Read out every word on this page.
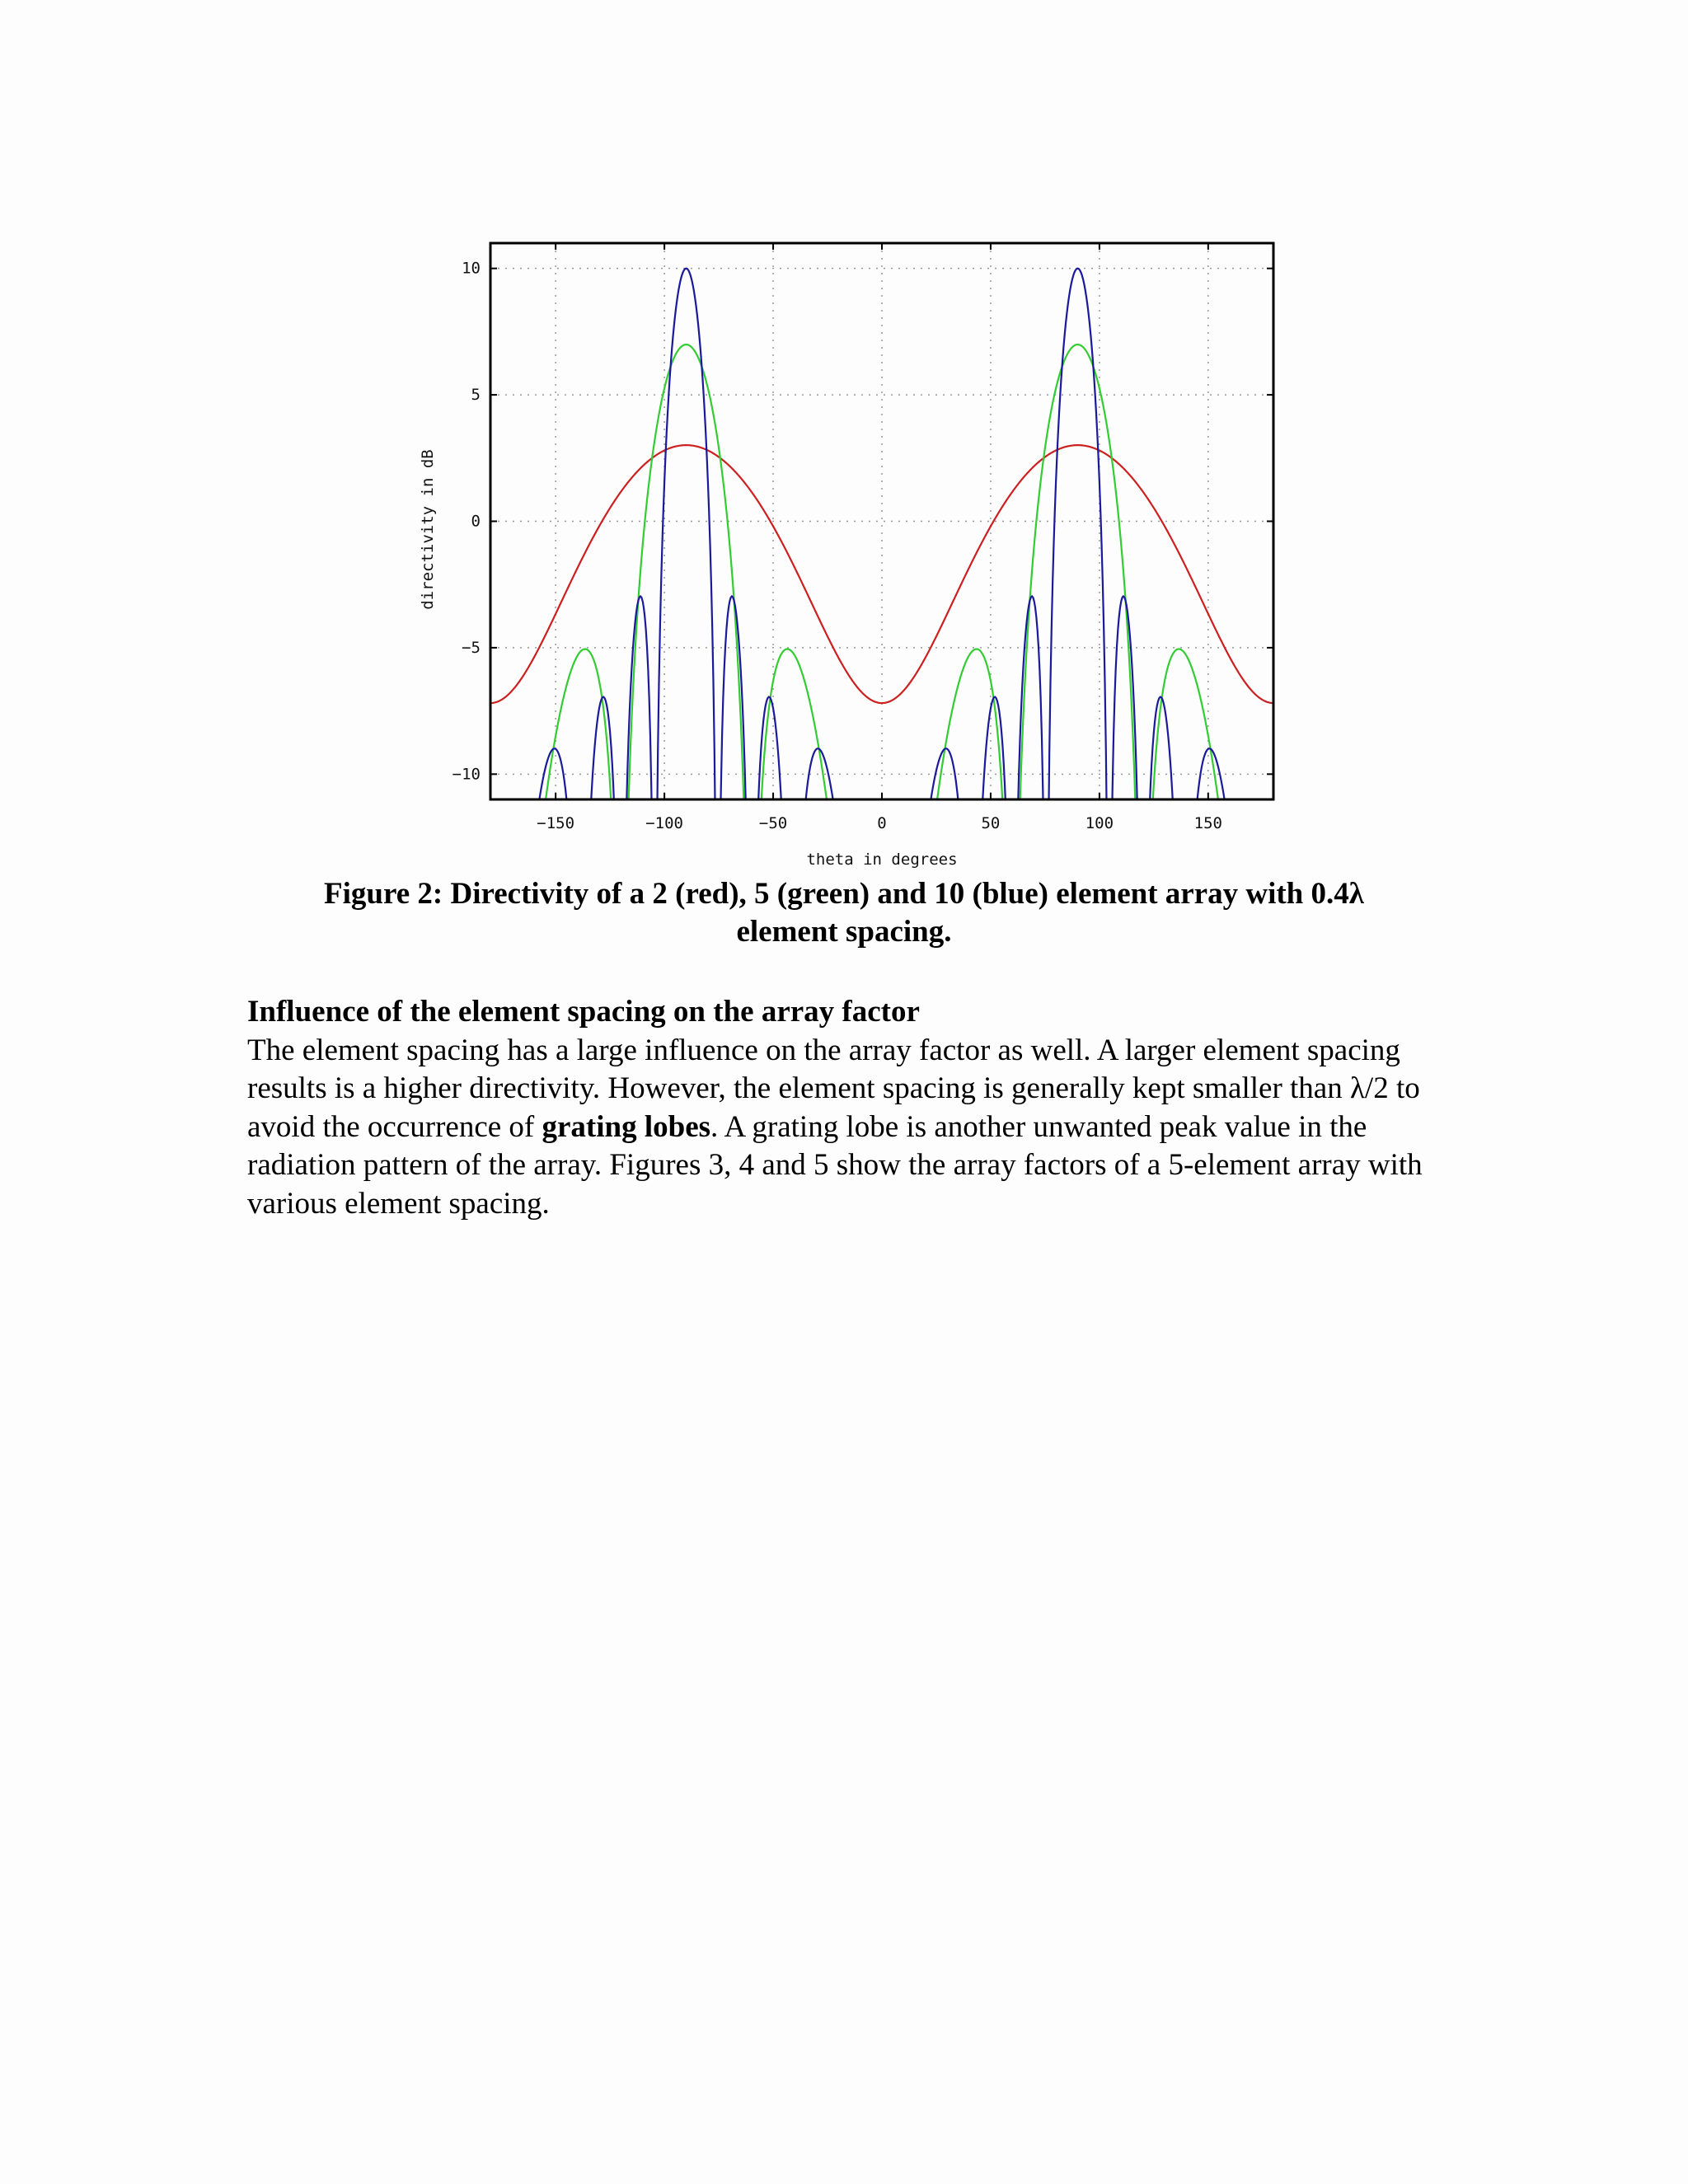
−150	−100	−50	0	50	100	150
−10
−5
0
5
10
theta in degrees
directivity in dB

Figure 2: Directivity of a 2 (red), 5 (green) and 10 (blue) element array with 0.4λ
element spacing.

Influence of the element spacing on the array factor

The element spacing has a large influence on the array factor as well. A larger element spacing results is a higher directivity. However, the element spacing is generally kept smaller than λ/2 to avoid the occurrence of grating lobes. A grating lobe is another unwanted peak value in the radiation pattern of the array. Figures 3, 4 and 5 show the array factors of a 5-element array with various element spacing.
